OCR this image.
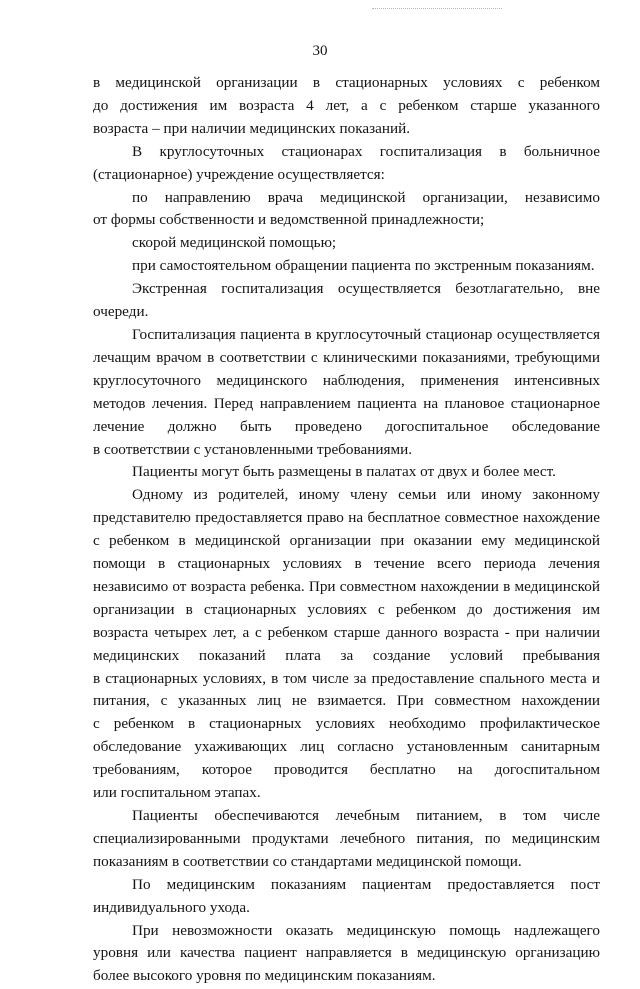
30

в медицинской организации в стационарных условиях с ребенком

до достижения им возраста 4 лет, а с ребенком старше указанного

возраста – при наличии медицинских показаний.

В круглосуточных стационарах госпитализация в больничное

(стационарное) учреждение осуществляется:

по направлению врача медицинской организации, независимо

от формы собственности и ведомственной принадлежности;

скорой медицинской помощью;

при самостоятельном обращении пациента по экстренным показаниям.

Экстренная госпитализация осуществляется безотлагательно, вне

очереди.

Госпитализация пациента в круглосуточный стационар осуществляется

лечащим врачом в соответствии с клиническими показаниями, требующими

круглосуточного медицинского наблюдения, применения интенсивных

методов лечения. Перед направлением пациента на плановое стационарное

лечение должно быть проведено догоспитальное обследование

в соответствии с установленными требованиями.

Пациенты могут быть размещены в палатах от двух и более мест.

Одному из родителей, иному члену семьи или иному законному

представителю предоставляется право на бесплатное совместное нахождение

с ребенком в медицинской организации при оказании ему медицинской

помощи в стационарных условиях в течение всего периода лечения

независимо от возраста ребенка. При совместном нахождении в медицинской

организации в стационарных условиях с ребенком до достижения им

возраста четырех лет, а с ребенком старше данного возраста - при наличии

медицинских показаний плата за создание условий пребывания

в стационарных условиях, в том числе за предоставление спального места и

питания, с указанных лиц не взимается. При совместном нахождении

с ребенком в стационарных условиях необходимо профилактическое

обследование ухаживающих лиц согласно установленным санитарным

требованиям, которое проводится бесплатно на догоспитальном

или госпитальном этапах.

Пациенты обеспечиваются лечебным питанием, в том числе

специализированными продуктами лечебного питания, по медицинским

показаниям в соответствии со стандартами медицинской помощи.

По медицинским показаниям пациентам предоставляется пост

индивидуального ухода.

При невозможности оказать медицинскую помощь надлежащего

уровня или качества пациент направляется в медицинскую организацию

более высокого уровня по медицинским показаниям.
